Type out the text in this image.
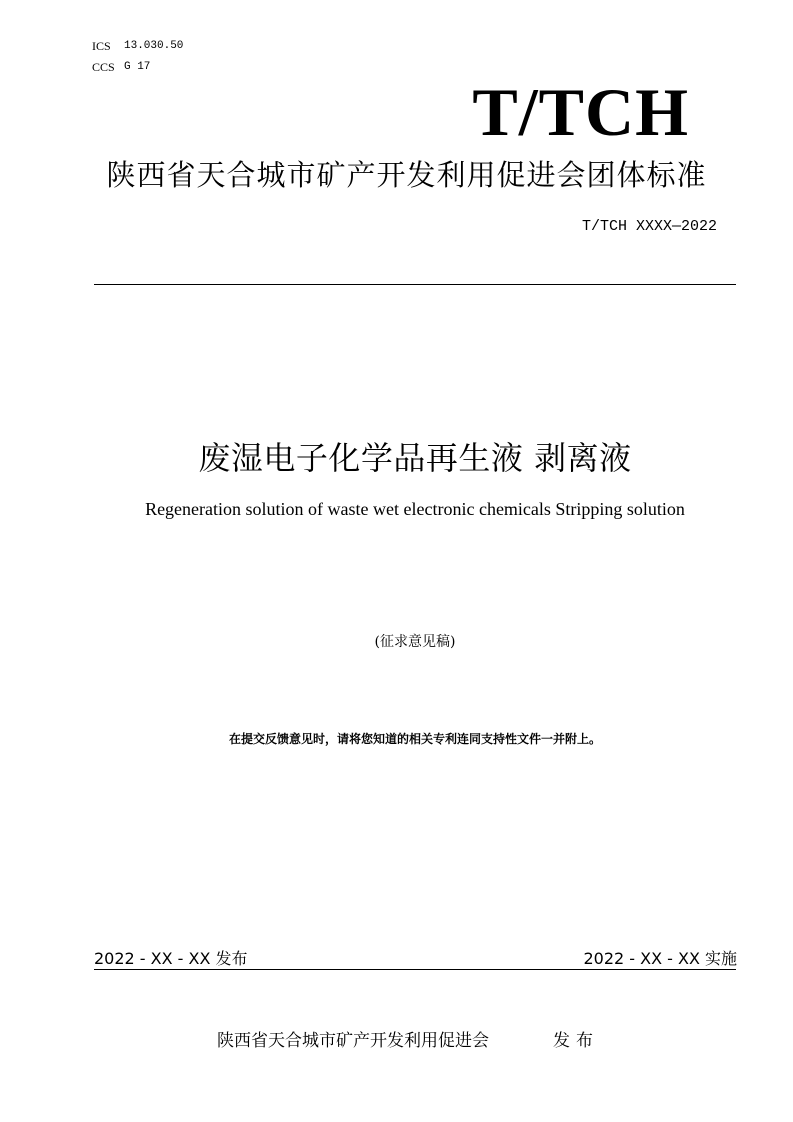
ICS 13.030.50
CCS G 17
T/TCH
陕西省天合城市矿产开发利用促进会团体标准
T/TCH XXXX—2022
废湿电子化学品再生液 剥离液
Regeneration solution of waste wet electronic chemicals Stripping solution
(征求意见稿)
在提交反馈意见时，请将您知道的相关专利连同支持性文件一并附上。
2022 - XX - XX 发布	2022 - XX - XX 实施
陕西省天合城市矿产开发利用促进会	发布
